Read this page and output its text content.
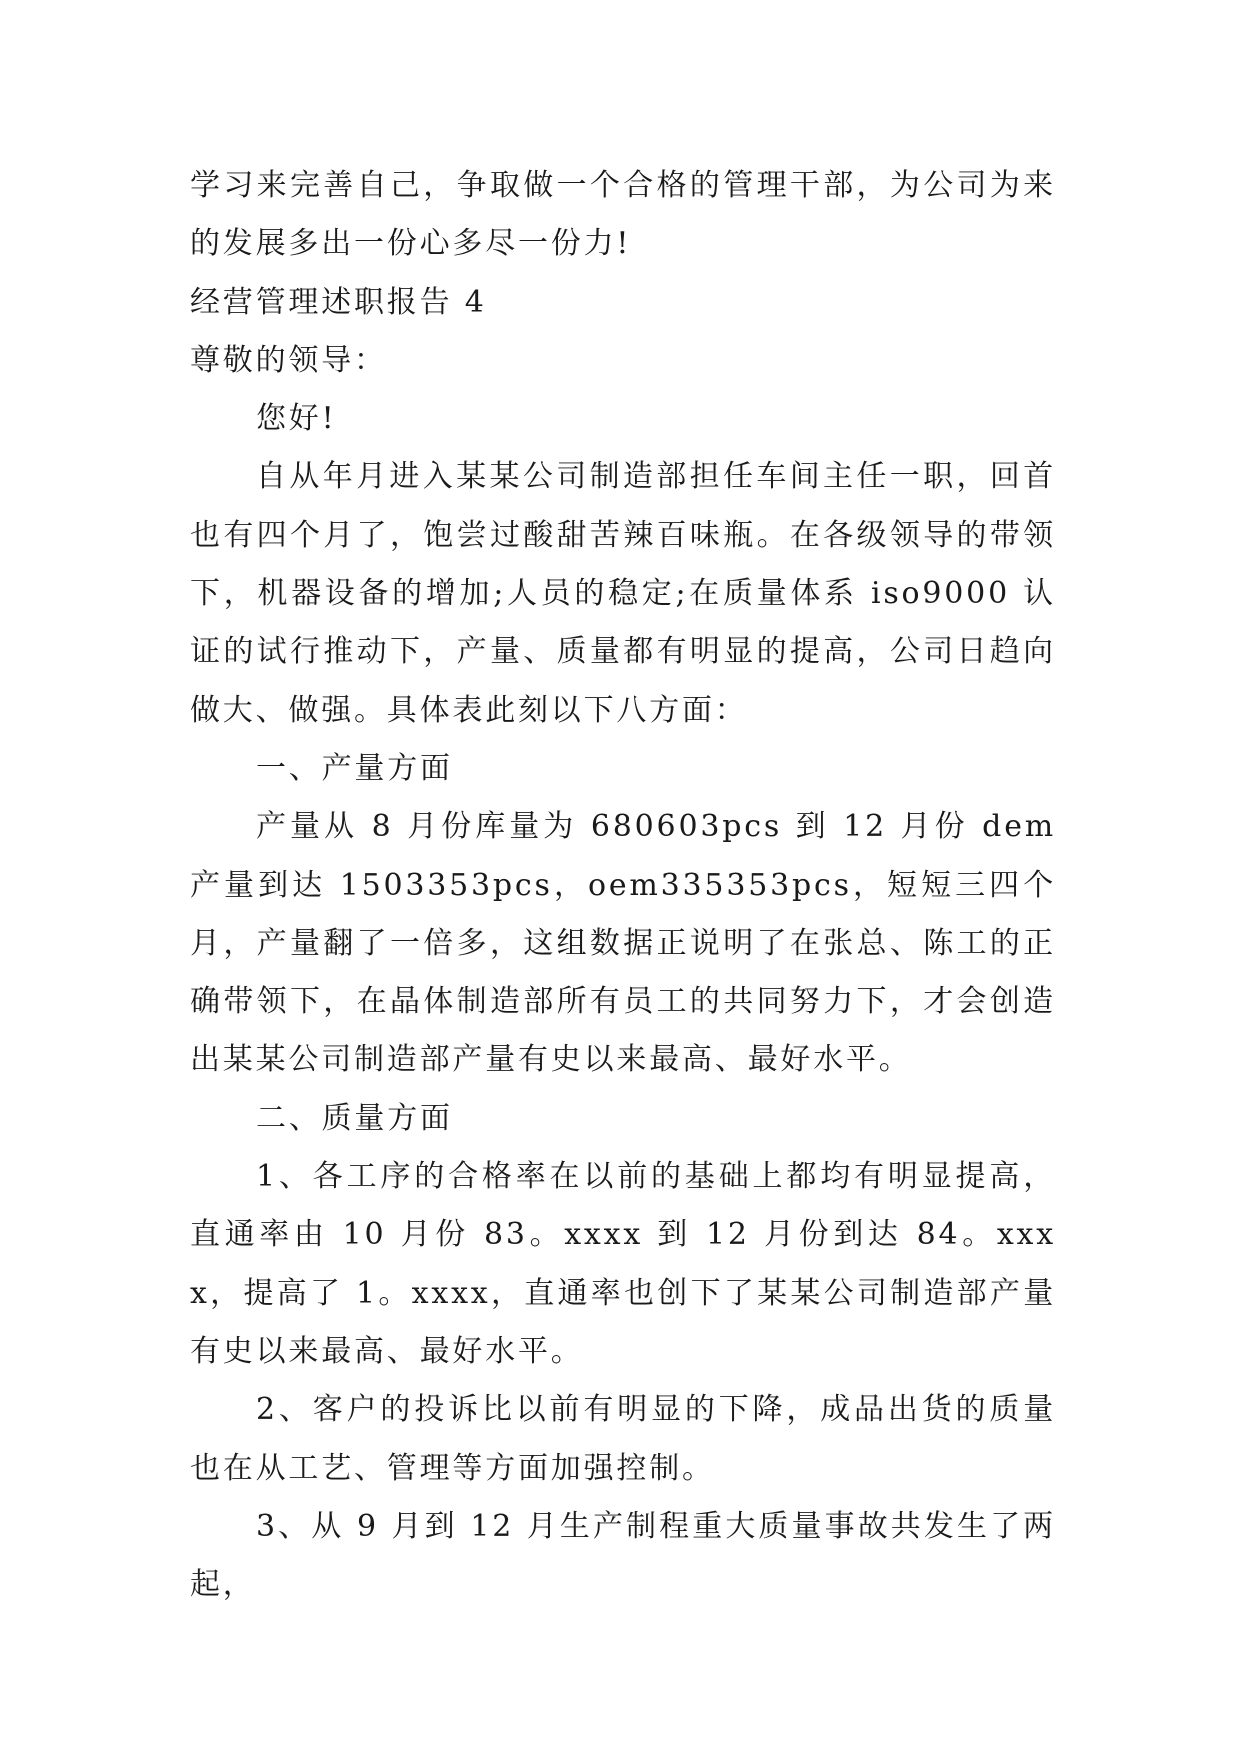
学习来完善自己，争取做一个合格的管理干部，为公司为来的发展多出一份心多尽一份力!

经营管理述职报告 4

尊敬的领导：

您好!

自从年月进入某某公司制造部担任车间主任一职，回首也有四个月了，饱尝过酸甜苦辣百味瓶。在各级领导的带领下，机器设备的增加;人员的稳定;在质量体系 iso9000 认证的试行推动下，产量、质量都有明显的提高，公司日趋向做大、做强。具体表此刻以下八方面：

一、产量方面

产量从 8 月份库量为 680603pcs 到 12 月份 dem 产量到达 1503353pcs，oem335353pcs，短短三四个月，产量翻了一倍多，这组数据正说明了在张总、陈工的正确带领下，在晶体制造部所有员工的共同努力下，才会创造出某某公司制造部产量有史以来最高、最好水平。

二、质量方面

1、各工序的合格率在以前的基础上都均有明显提高，直通率由 10 月份 83。xxxx 到 12 月份到达 84。xxxx，提高了 1。xxxx，直通率也创下了某某公司制造部产量有史以来最高、最好水平。

2、客户的投诉比以前有明显的下降，成品出货的质量也在从工艺、管理等方面加强控制。

3、从 9 月到 12 月生产制程重大质量事故共发生了两起，
